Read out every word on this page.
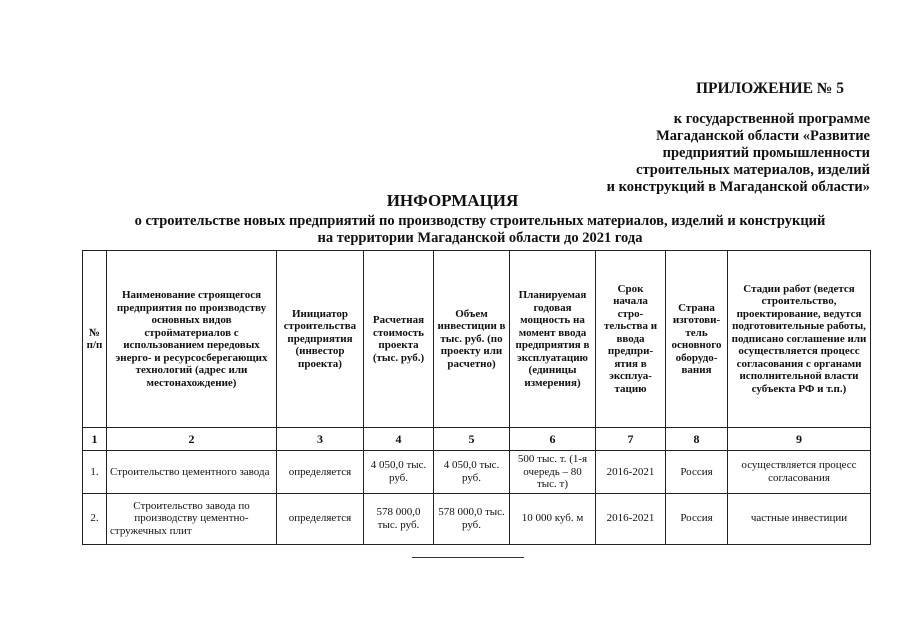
ПРИЛОЖЕНИЕ № 5
к государственной программе
Магаданской области «Развитие
предприятий промышленности
строительных материалов, изделий
и конструкций в Магаданской области»
ИНФОРМАЦИЯ
о строительстве новых предприятий по производству строительных материалов, изделий и конструкций
на территории Магаданской области до 2021 года
№ п/п	Наименование строящегося предприятия по производству основных видов стройматериалов с использованием передовых энерго- и ресурсосберегающих технологий (адрес или местонахождение)	Инициатор строительства предприятия (инвестор проекта)	Расчетная стоимость проекта (тыс. руб.)	Объем инвестиции в тыс. руб. (по проекту или расчетно)	Планируемая годовая мощность на момент ввода предприятия в эксплуатацию (единицы измерения)	Срок начала стро-тельства и ввода предпри-ятия в эксплуа-тацию	Страна изготови-тель основного оборудо-вания	Стадии работ (ведется строительство, проектирование, ведутся подготовительные работы, подписано соглашение или осуществляется процесс согласования с органами исполнительной власти субъекта РФ и т.п.)
1	2	3	4	5	6	7	8	9
1.	Строительство цементного завода	определяется	4 050,0 тыс. руб.	4 050,0 тыс. руб.	500 тыс. т. (1-я очередь – 80 тыс. т)	2016-2021	Россия	осуществляется процесс согласования
2.	Строительство завода по производству цементно-стружечных плит	определяется	578 000,0 тыс. руб.	578 000,0 тыс. руб.	10 000 куб. м	2016-2021	Россия	частные инвестиции
